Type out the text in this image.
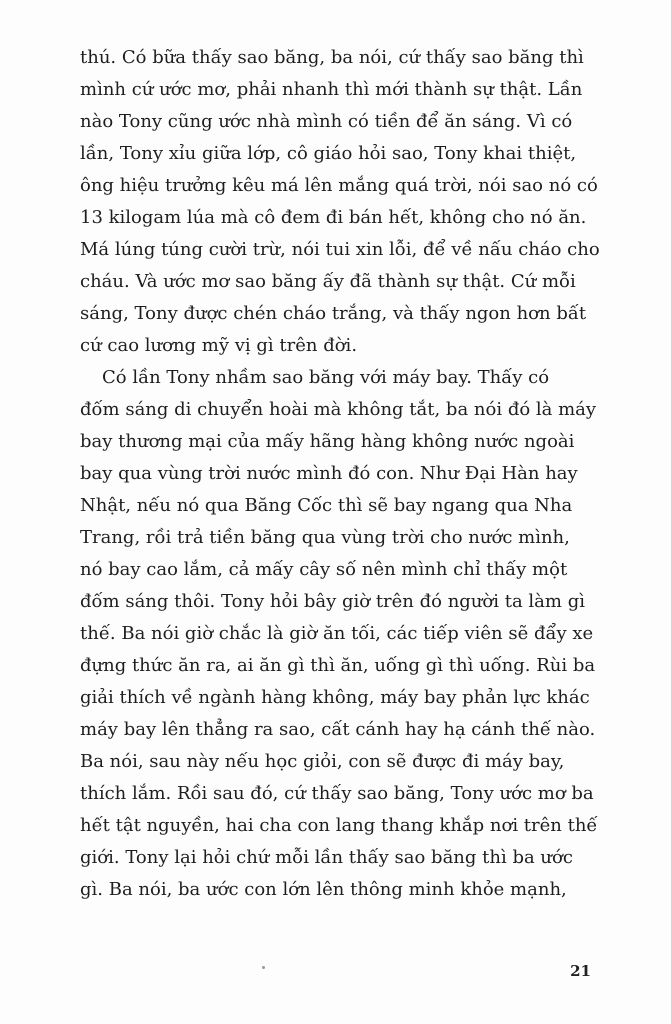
thú. Có bữa thấy sao băng, ba nói, cứ thấy sao băng thì
mình cứ ước mơ, phải nhanh thì mới thành sự thật. Lần
nào Tony cũng ước nhà mình có tiền để ăn sáng. Vì có
lần, Tony xỉu giữa lớp, cô giáo hỏi sao, Tony khai thiệt,
ông hiệu trưởng kêu má lên mắng quá trời, nói sao nó có
13 kilogam lúa mà cô đem đi bán hết, không cho nó ăn.
Má lúng túng cười trừ, nói tui xin lỗi, để về nấu cháo cho
cháu. Và ước mơ sao băng ấy đã thành sự thật. Cứ mỗi
sáng, Tony được chén cháo trắng, và thấy ngon hơn bất
cứ cao lương mỹ vị gì trên đời.
Có lần Tony nhầm sao băng với máy bay. Thấy có
đốm sáng di chuyển hoài mà không tắt, ba nói đó là máy
bay thương mại của mấy hãng hàng không nước ngoài
bay qua vùng trời nước mình đó con. Như Đại Hàn hay
Nhật, nếu nó qua Băng Cốc thì sẽ bay ngang qua Nha
Trang, rồi trả tiền băng qua vùng trời cho nước mình,
nó bay cao lắm, cả mấy cây số nên mình chỉ thấy một
đốm sáng thôi. Tony hỏi bây giờ trên đó người ta làm gì
thế. Ba nói giờ chắc là giờ ăn tối, các tiếp viên sẽ đẩy xe
đựng thức ăn ra, ai ăn gì thì ăn, uống gì thì uống. Rùi ba
giải thích về ngành hàng không, máy bay phản lực khác
máy bay lên thẳng ra sao, cất cánh hay hạ cánh thế nào.
Ba nói, sau này nếu học giỏi, con sẽ được đi máy bay,
thích lắm. Rồi sau đó, cứ thấy sao băng, Tony ước mơ ba
hết tật nguyền, hai cha con lang thang khắp nơi trên thế
giới. Tony lại hỏi chứ mỗi lần thấy sao băng thì ba ước
gì. Ba nói, ba ước con lớn lên thông minh khỏe mạnh,
21
